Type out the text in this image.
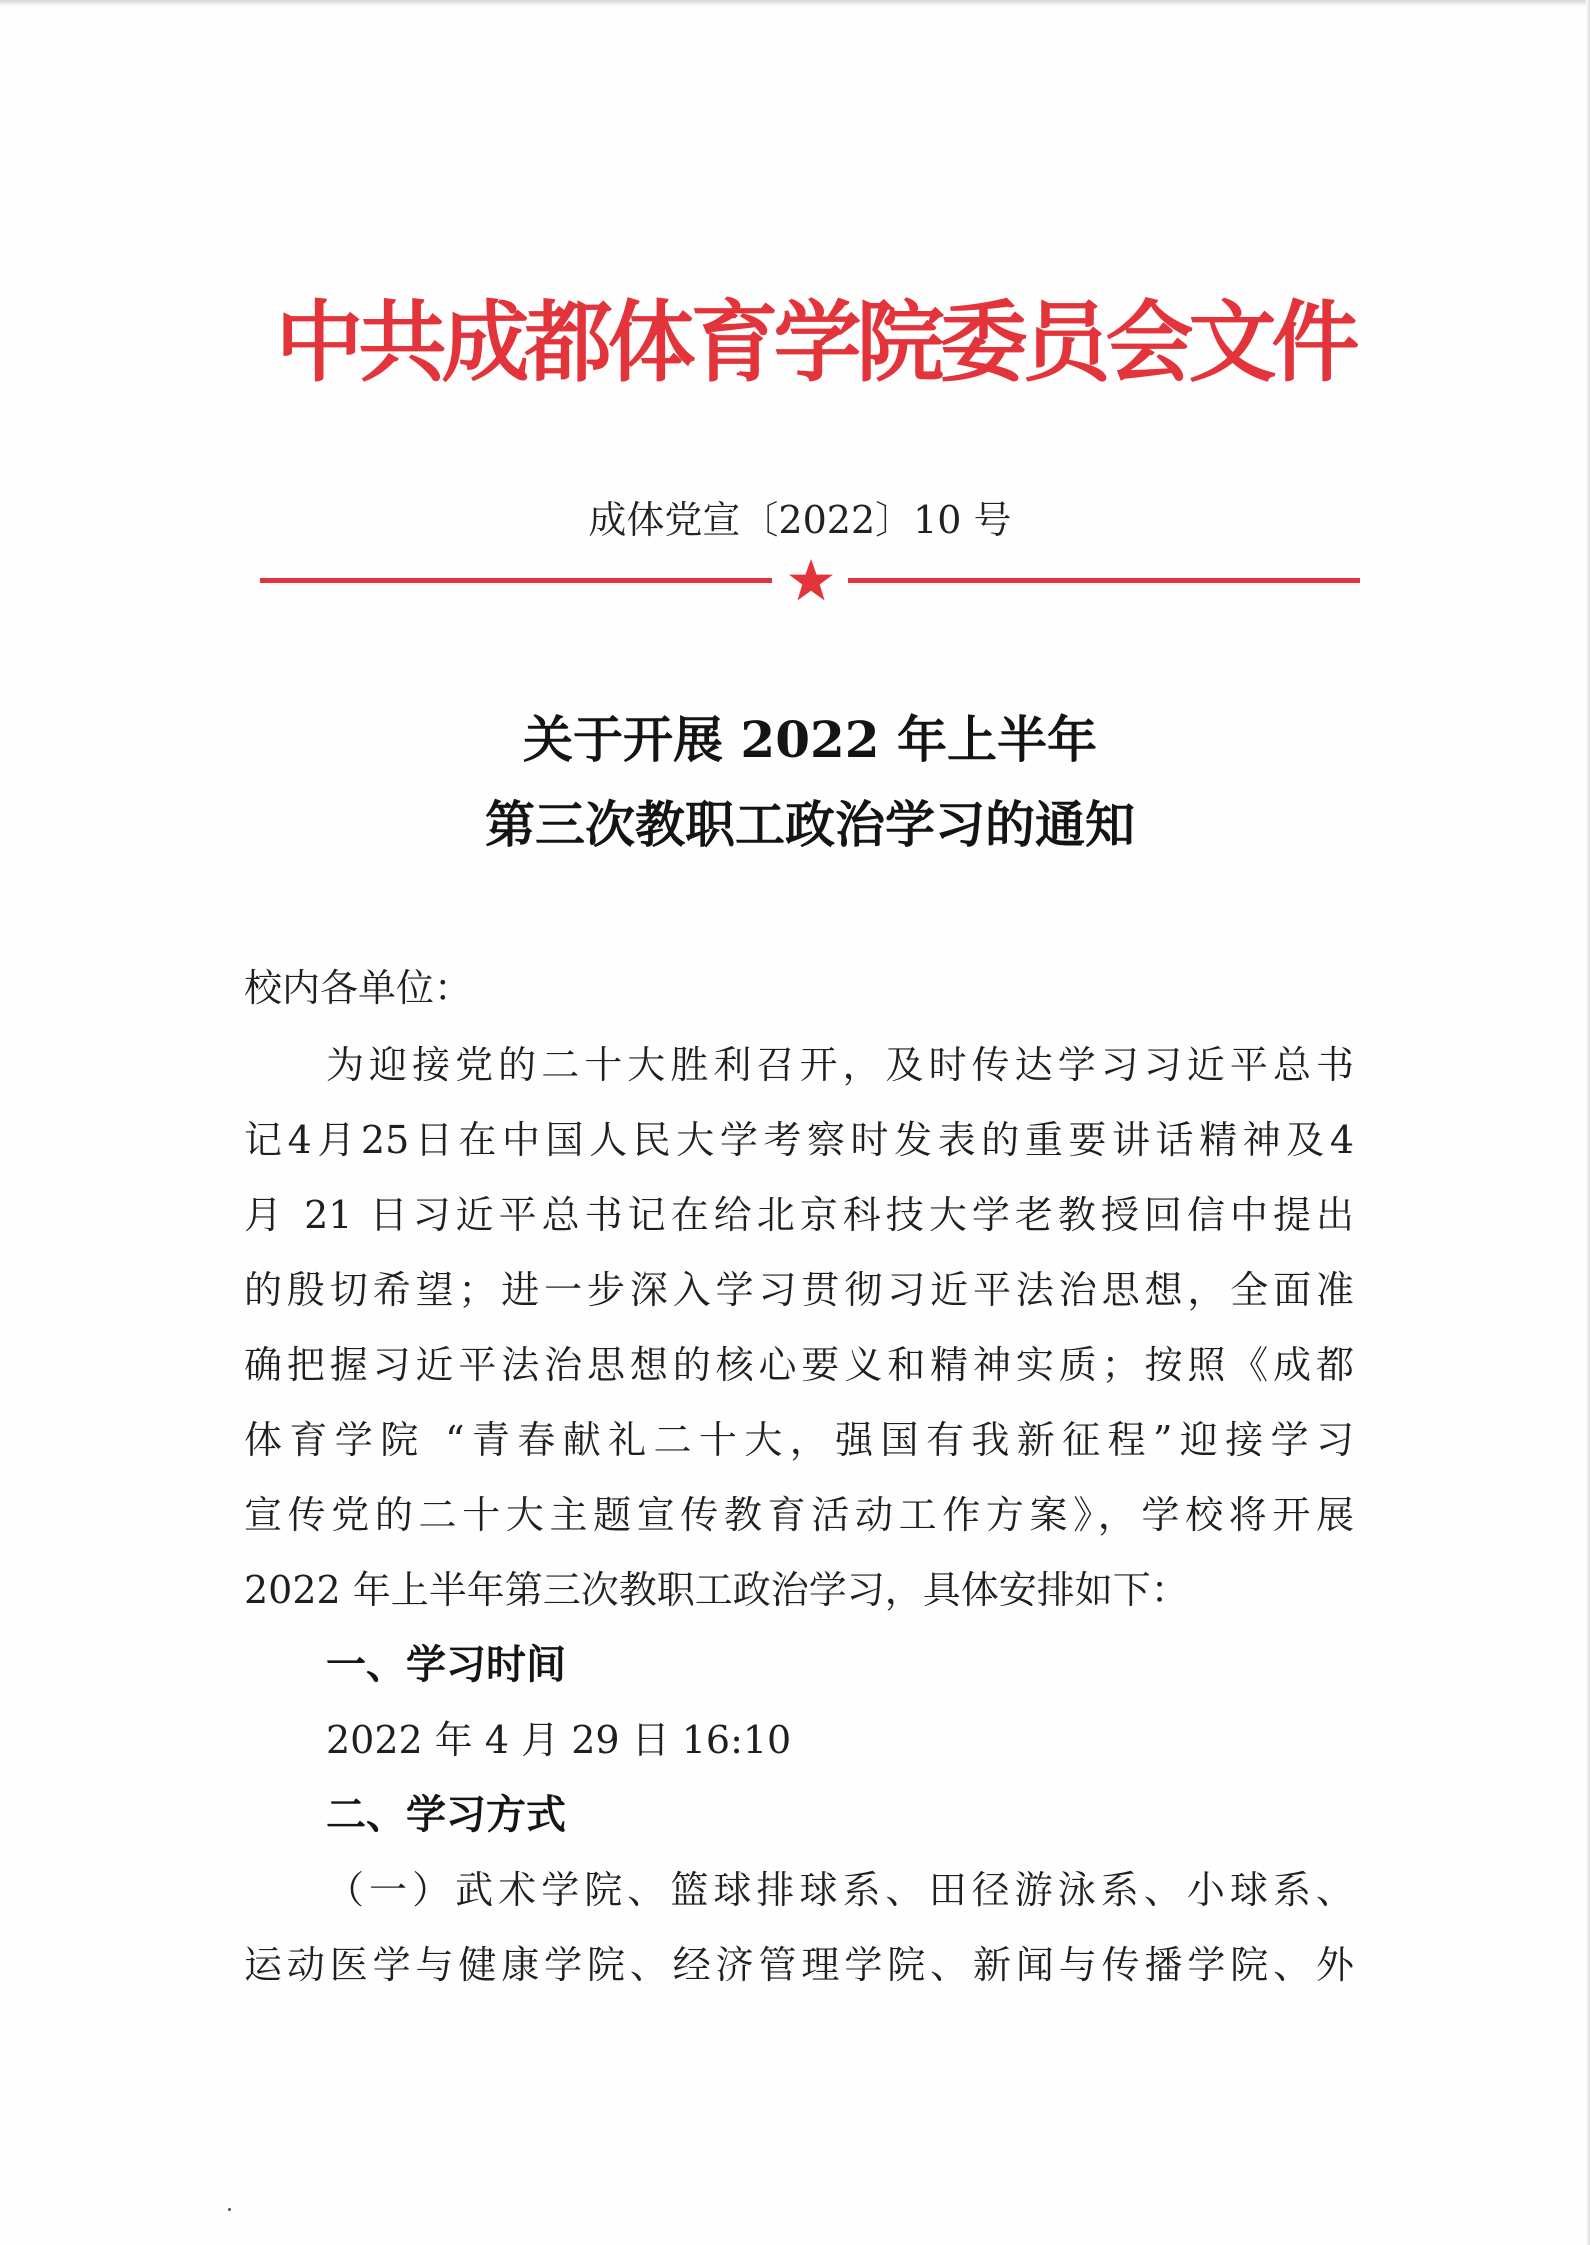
中共成都体育学院委员会文件
成体党宣〔2022〕10 号
关于开展 2022 年上半年
第三次教职工政治学习的通知
校内各单位：
为迎接党的二十大胜利召开，及时传达学习习近平总书
记4月25日在中国人民大学考察时发表的重要讲话精神及4
月 21 日习近平总书记在给北京科技大学老教授回信中提出
的殷切希望；进一步深入学习贯彻习近平法治思想，全面准
确把握习近平法治思想的核心要义和精神实质；按照《成都
体育学院 “青春献礼二十大，强国有我新征程”迎接学习
宣传党的二十大主题宣传教育活动工作方案》，学校将开展
2022 年上半年第三次教职工政治学习，具体安排如下：
一、学习时间
2022 年 4 月 29 日 16:10
二、学习方式
（一）武术学院、篮球排球系、田径游泳系、小球系、
运动医学与健康学院、经济管理学院、新闻与传播学院、外
